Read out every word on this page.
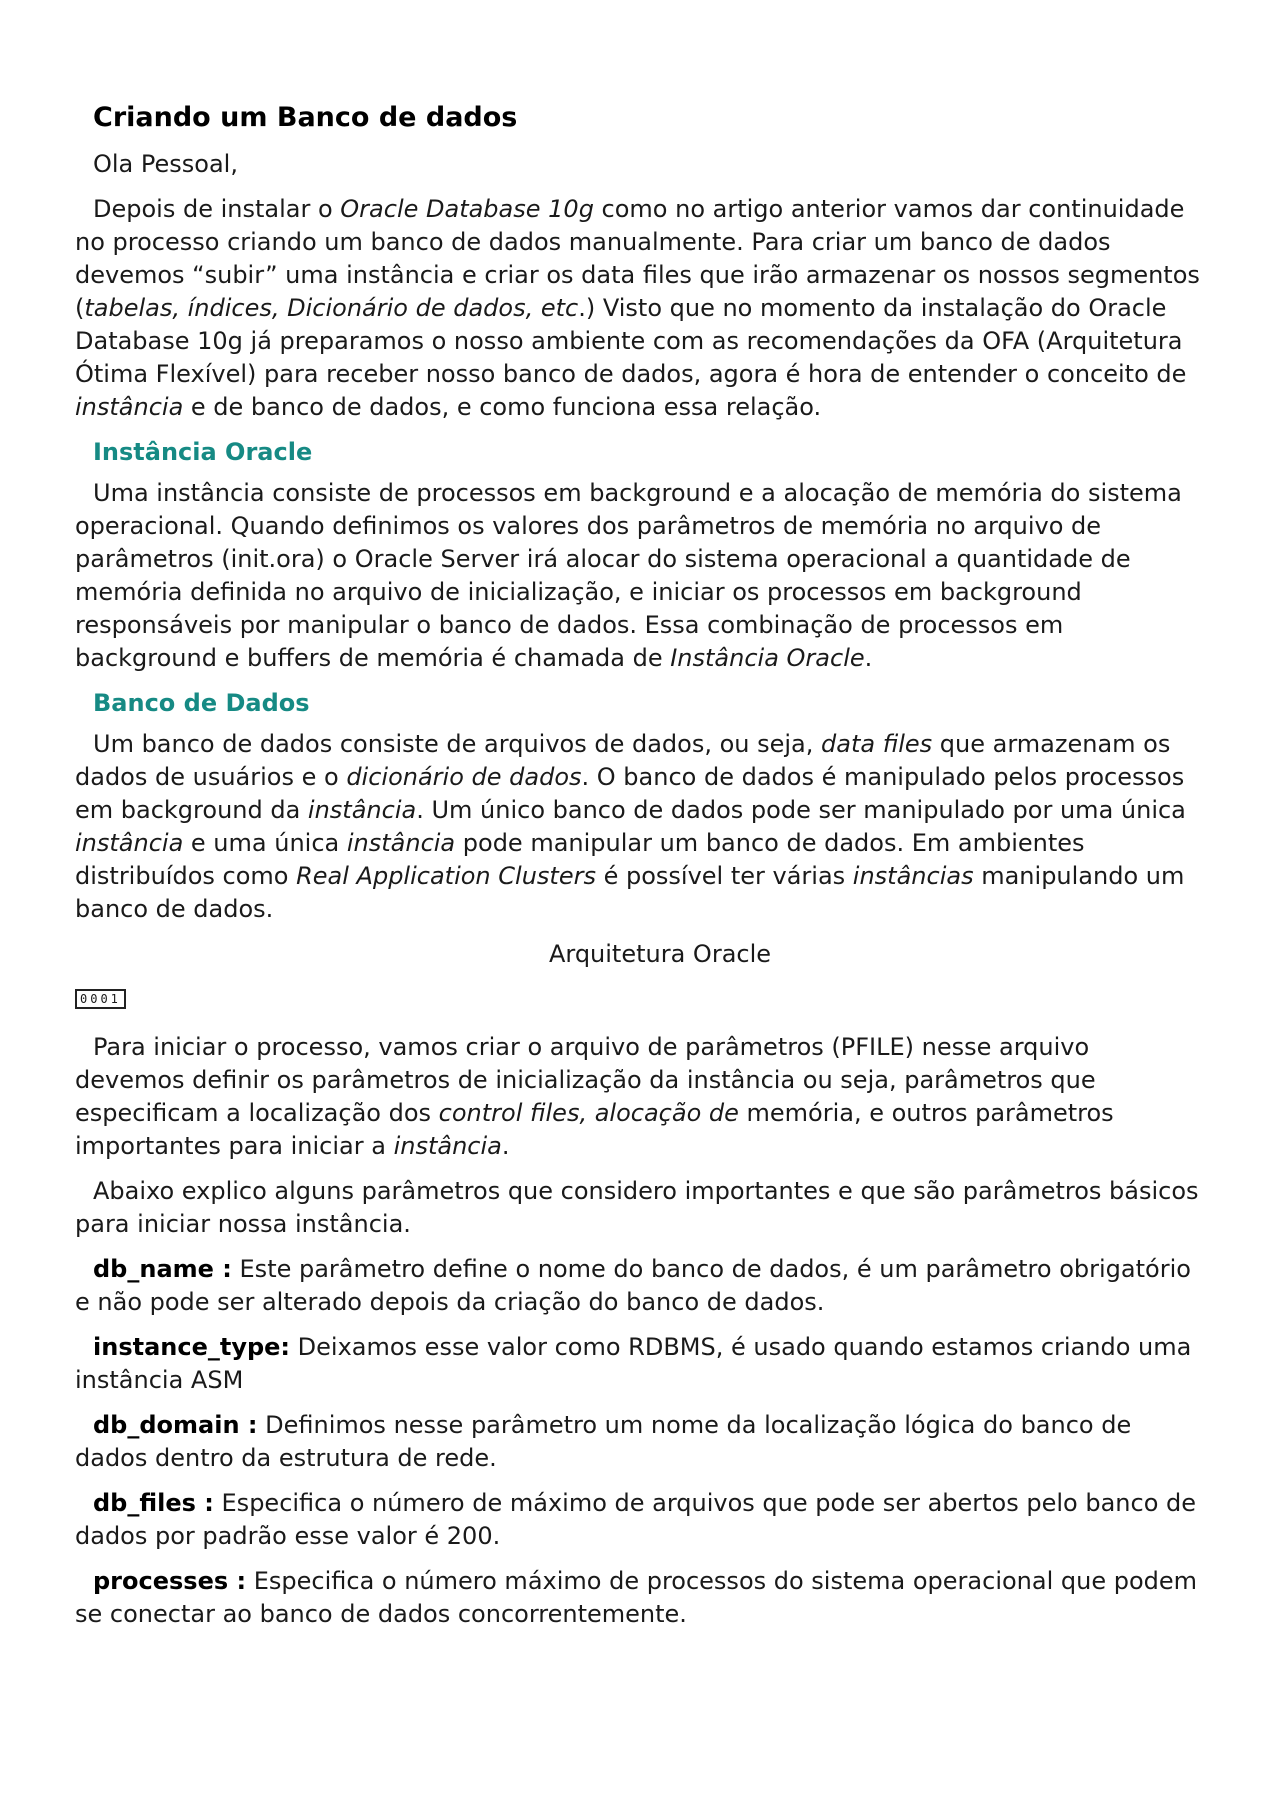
Criando um Banco de dados

Ola Pessoal,

Depois de instalar o Oracle Database 10g como no artigo anterior vamos dar continuidade no processo criando um banco de dados manualmente. Para criar um banco de dados devemos “subir” uma instância e criar os data files que irão armazenar os nossos segmentos (tabelas, índices, Dicionário de dados, etc.) Visto que no momento da instalação do Oracle Database 10g já preparamos o nosso ambiente com as recomendações da OFA (Arquitetura Ótima Flexível) para receber nosso banco de dados, agora é hora de entender o conceito de instância e de banco de dados, e como funciona essa relação.

Instância Oracle

Uma instância consiste de processos em background e a alocação de memória do sistema operacional. Quando definimos os valores dos parâmetros de memória no arquivo de parâmetros (init.ora) o Oracle Server irá alocar do sistema operacional a quantidade de memória definida no arquivo de inicialização, e iniciar os processos em background responsáveis por manipular o banco de dados. Essa combinação de processos em background e buffers de memória é chamada de Instância Oracle.

Banco de Dados

Um banco de dados consiste de arquivos de dados, ou seja, data files que armazenam os dados de usuários e o dicionário de dados. O banco de dados é manipulado pelos processos em background da instância. Um único banco de dados pode ser manipulado por uma única instância e uma única instância pode manipular um banco de dados. Em ambientes distribuídos como Real Application Clusters é possível ter várias instâncias manipulando um banco de dados.

Arquitetura Oracle

0001

Para iniciar o processo, vamos criar o arquivo de parâmetros (PFILE) nesse arquivo devemos definir os parâmetros de inicialização da instância ou seja, parâmetros que especificam a localização dos control files, alocação de memória, e outros parâmetros importantes para iniciar a instância.

Abaixo explico alguns parâmetros que considero importantes e que são parâmetros básicos para iniciar nossa instância.

db_name : Este parâmetro define o nome do banco de dados, é um parâmetro obrigatório e não pode ser alterado depois da criação do banco de dados.

instance_type: Deixamos esse valor como RDBMS, é usado quando estamos criando uma instância ASM

db_domain : Definimos nesse parâmetro um nome da localização lógica do banco de dados dentro da estrutura de rede.

db_files : Especifica o número de máximo de arquivos que pode ser abertos pelo banco de dados por padrão esse valor é 200.

processes : Especifica o número máximo de processos do sistema operacional que podem se conectar ao banco de dados concorrentemente.
